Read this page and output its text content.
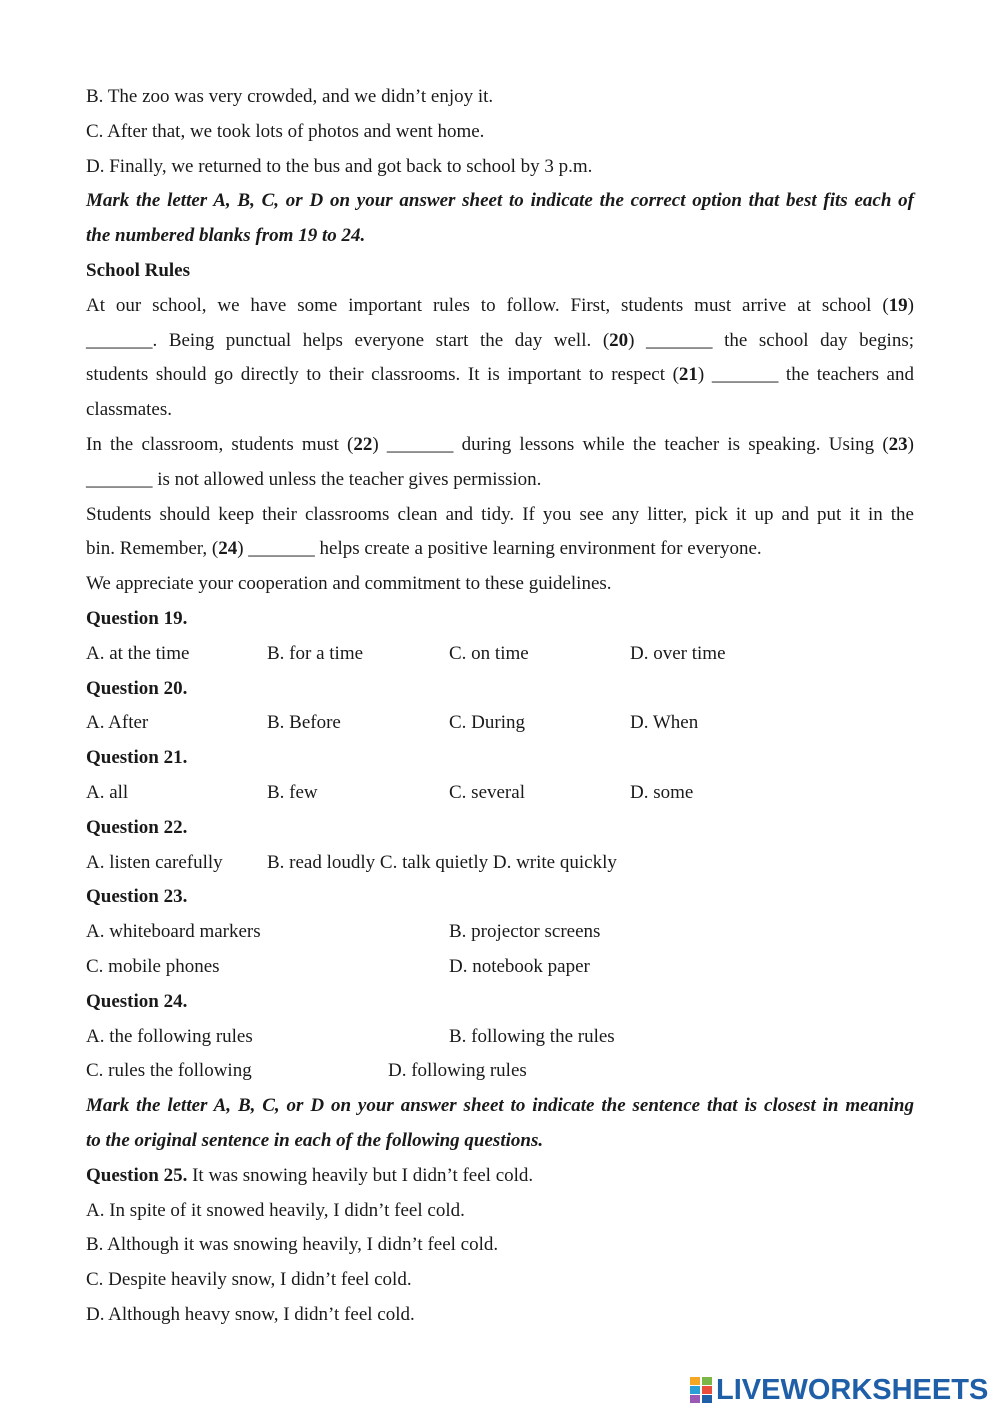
B. The zoo was very crowded, and we didn’t enjoy it.
C. After that, we took lots of photos and went home.
D. Finally, we returned to the bus and got back to school by 3 p.m.
Mark the letter A, B, C, or D on your answer sheet to indicate the correct option that best fits each of
the numbered blanks from 19 to 24.
School Rules
At our school, we have some important rules to follow. First, students must arrive at school (19)
_______. Being punctual helps everyone start the day well. (20) _______ the school day begins;
students should go directly to their classrooms. It is important to respect (21) _______ the teachers and
classmates.
In the classroom, students must (22) _______ during lessons while the teacher is speaking. Using (23)
_______ is not allowed unless the teacher gives permission.
Students should keep their classrooms clean and tidy. If you see any litter, pick it up and put it in the
bin. Remember, (24) _______ helps create a positive learning environment for everyone.
We appreciate your cooperation and commitment to these guidelines.
Question 19.
A. at the time	B. for a time	C. on time	D. over time
Question 20.
A. After	B. Before	C. During	D. When
Question 21.
A. all	B. few	C. several	D. some
Question 22.
A. listen carefully B. read loudly C. talk quietly D. write quickly
Question 23.
A. whiteboard markers	B. projector screens
C. mobile phones	D. notebook paper
Question 24.
A. the following rules	B. following the rules
C. rules the following	D. following rules
Mark the letter A, B, C, or D on your answer sheet to indicate the sentence that is closest in meaning
to the original sentence in each of the following questions.
Question 25. It was snowing heavily but I didn’t feel cold.
A. In spite of it snowed heavily, I didn’t feel cold.
B. Although it was snowing heavily, I didn’t feel cold.
C. Despite heavily snow, I didn’t feel cold.
D. Although heavy snow, I didn’t feel cold.
LIVEWORKSHEETS
